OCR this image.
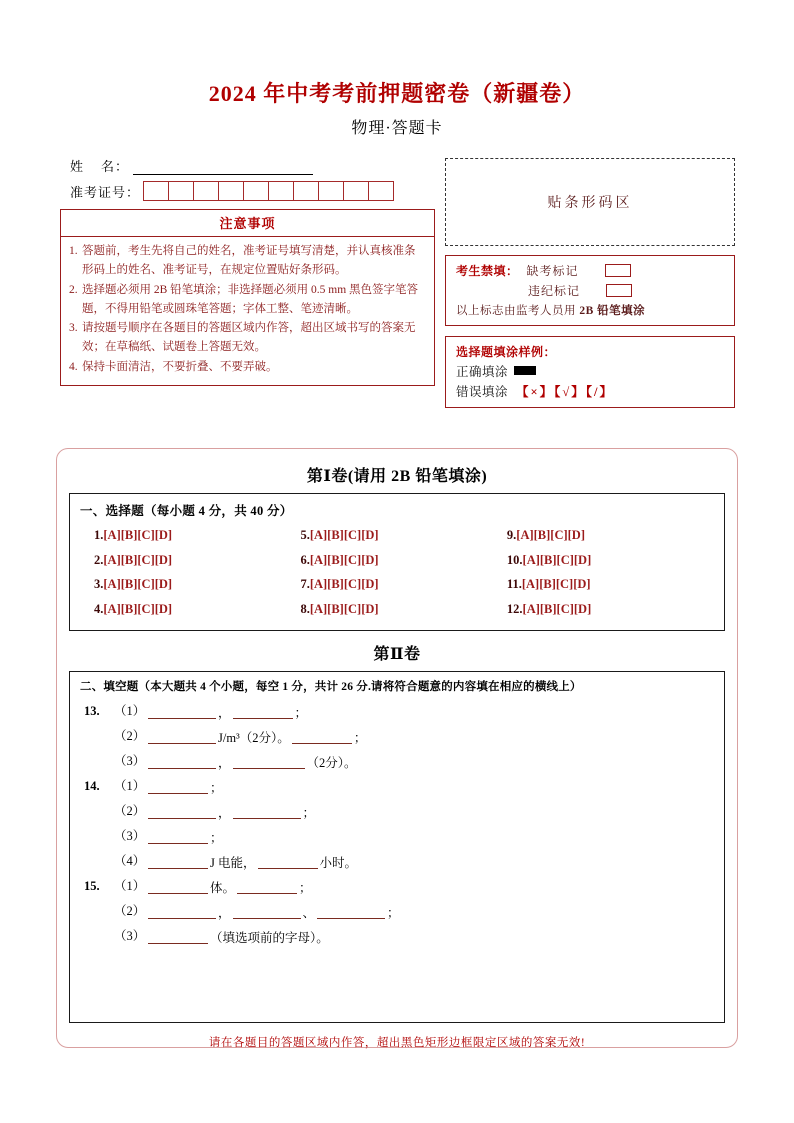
2024 年中考考前押题密卷（新疆卷）
物理·答题卡
姓    名：
准考证号：
注意事项
1. 答题前，考生先将自己的姓名，准考证号填写清楚，并认真核准条形码上的姓名、准考证号，在规定位置贴好条形码。
2. 选择题必须用 2B 铅笔填涂；非选择题必须用 0.5 mm 黑色签字笔答题，不得用铅笔或圆珠笔答题；字体工整、笔迹清晰。
3. 请按题号顺序在各题目的答题区域内作答，超出区域书写的答案无效；在草稿纸、试题卷上答题无效。
4. 保持卡面清洁，不要折叠、不要弄破。
贴条形码区
考生禁填： 缺考标记
违纪标记
以上标志由监考人员用 2B 铅笔填涂
选择题填涂样例：
正确填涂
错误填涂 【×】【√】【/】
第Ⅰ卷(请用 2B 铅笔填涂)
一、选择题（每小题 4 分，共 40 分）
1.[A][B][C][D]
2.[A][B][C][D]
3.[A][B][C][D]
4.[A][B][C][D]
5.[A][B][C][D]
6.[A][B][C][D]
7.[A][B][C][D]
8.[A][B][C][D]
9.[A][B][C][D]
10.[A][B][C][D]
11.[A][B][C][D]
12.[A][B][C][D]
第Ⅱ卷
二、填空题（本大题共 4 个小题，每空 1 分，共计 26 分.请将符合题意的内容填在相应的横线上）
13.	（1）	，	；
（2）	J/m³（2分）。	；
（3）	，	（2分）。
14.	（1）	；
（2）	，	；
（3）	；
（4）	J 电能，	小时。
15.	（1）	体。	；
（2）	，	、	；
（3）	（填选项前的字母）。
请在各题目的答题区域内作答，超出黑色矩形边框限定区域的答案无效!
